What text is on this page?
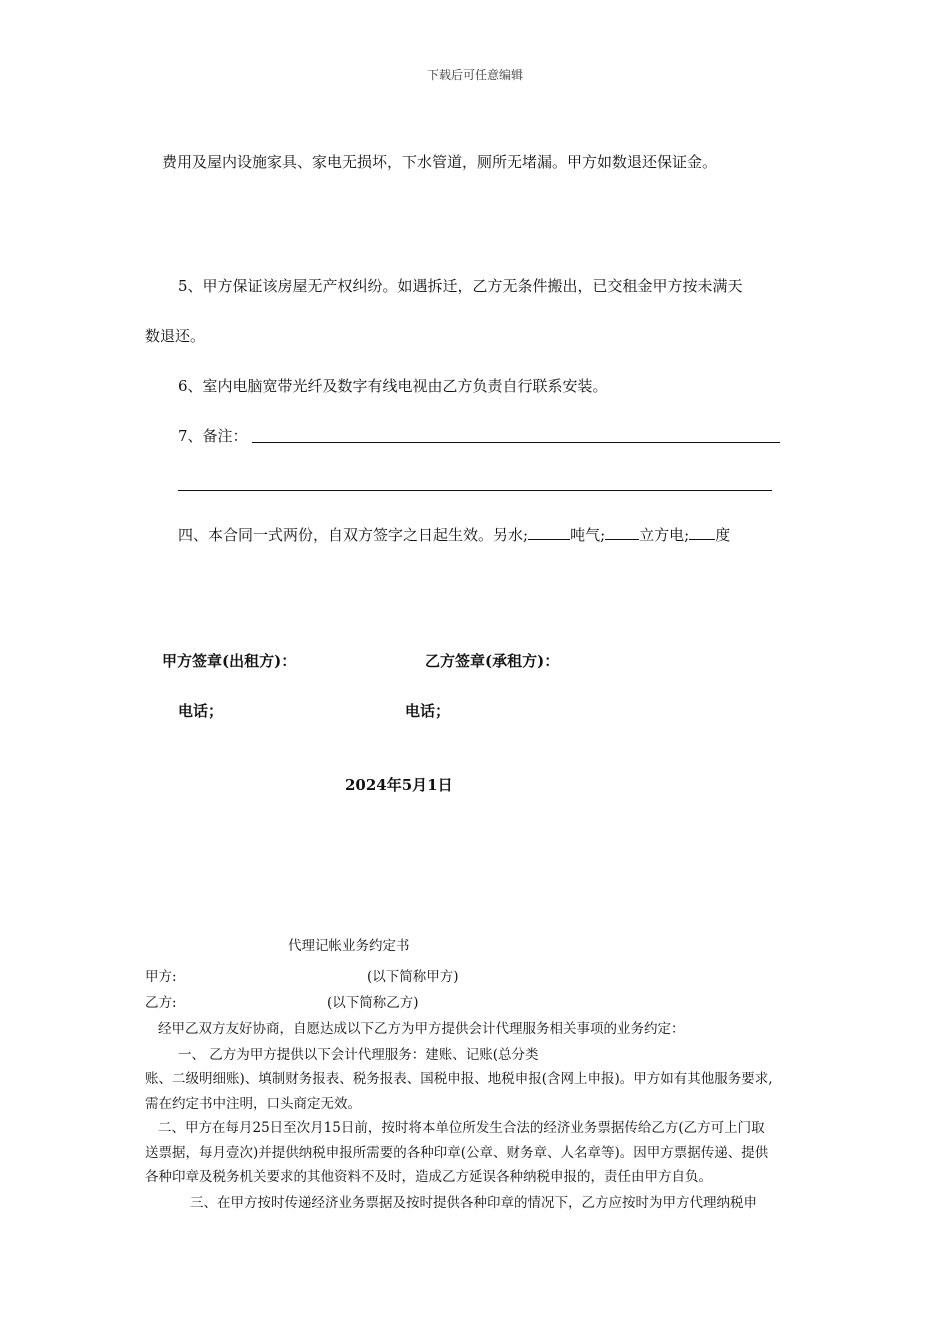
下载后可任意编辑
费用及屋内设施家具、家电无损坏，下水管道，厕所无堵漏。甲方如数退还保证金。
5、甲方保证该房屋无产权纠纷。如遇拆迁，乙方无条件搬出，已交租金甲方按未满天
数退还。
6、室内电脑宽带光纤及数字有线电视由乙方负责自行联系安装。
7、备注：
四、本合同一式两份，自双方签字之日起生效。另水;	吨气; 立方电; 度
甲方签章(出租方)：	乙方签章(承租方)：
电话；	电话；
2024年5月1日
代理记帐业务约定书
甲方:	(以下简称甲方)
乙方:	(以下简称乙方)
经甲乙双方友好协商，自愿达成以下乙方为甲方提供会计代理服务相关事项的业务约定：
一、 乙方为甲方提供以下会计代理服务：建账、记账(总分类
账、二级明细账)、填制财务报表、税务报表、国税申报、地税申报(含网上申报)。甲方如有其他服务要求,
需在约定书中注明，口头商定无效。
二、甲方在每月25日至次月15日前，按时将本单位所发生合法的经济业务票据传给乙方(乙方可上门取
送票据，每月壹次)并提供纳税申报所需要的各种印章(公章、财务章、人名章等)。因甲方票据传递、提供
各种印章及税务机关要求的其他资料不及时，造成乙方延误各种纳税申报的，责任由甲方自负。
三、在甲方按时传递经济业务票据及按时提供各种印章的情况下，乙方应按时为甲方代理纳税申
